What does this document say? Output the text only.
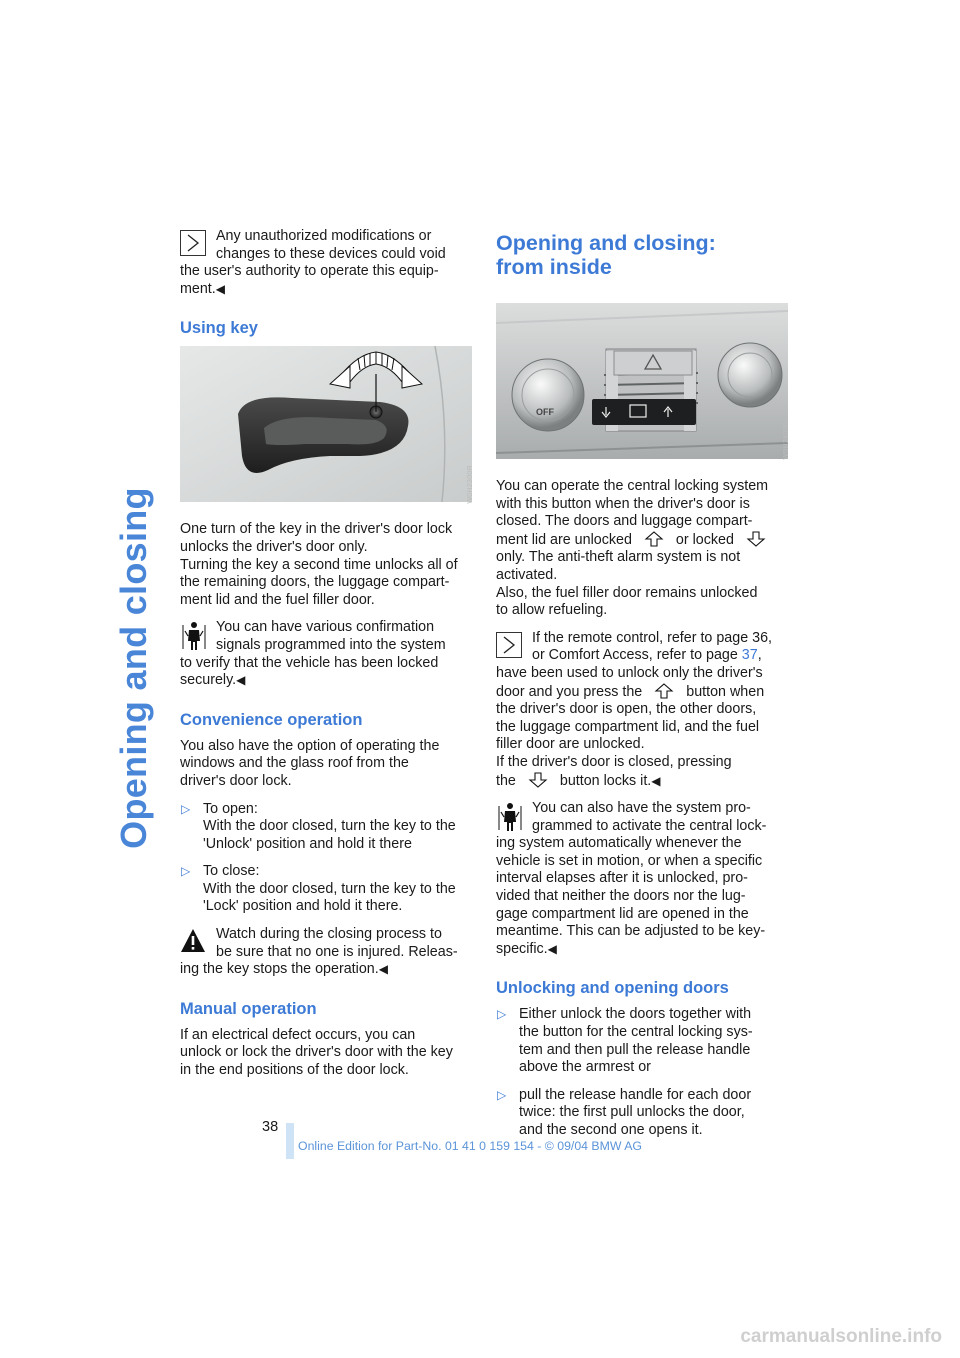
Opening and closing
Any unauthorized modifications or
changes to these devices could void
the user's authority to operate this equip-
ment.◀
Using key
W0H2300R

One turn of the key in the driver's door lock
unlocks the driver's door only.
Turning the key a second time unlocks all of
the remaining doors, the luggage compart-
ment lid and the fuel filler door.

You can have various confirmation
signals programmed into the system
to verify that the vehicle has been locked
securely.◀
Convenience operation

You also have the option of operating the
windows and the glass roof from the
driver's door lock.

▷ To open:
With the door closed, turn the key to the
'Unlock' position and hold it there
▷ To close:
With the door closed, turn the key to the
'Lock' position and hold it there.
Watch during the closing process to
be sure that no one is injured. Releas-
ing the key stops the operation.◀
Manual operation

If an electrical defect occurs, you can
unlock or lock the driver's door with the key
in the end positions of the door lock.

Opening and closing:
from inside
OFF
W0H2400R

You can operate the central locking system
with this button when the driver's door is
closed. The doors and luggage compart-
ment lid are unlocked	or locked
only. The anti-theft alarm system is not
activated.
Also, the fuel filler door remains unlocked
to allow refueling.

If the remote control, refer to page 36,
or Comfort Access, refer to page 37,
have been used to unlock only the driver's
door and you press the	button when
the driver's door is open, the other doors,
the luggage compartment lid, and the fuel
filler door are unlocked.
If the driver's door is closed, pressing
the	button locks it.◀
You can also have the system pro-
grammed to activate the central lock-
ing system automatically whenever the
vehicle is set in motion, or when a specific
interval elapses after it is unlocked, pro-
vided that neither the doors nor the lug-
gage compartment lid are opened in the
meantime. This can be adjusted to be key-
specific.◀
Unlocking and opening doors
▷ Either unlock the doors together with
the button for the central locking sys-
tem and then pull the release handle
above the armrest or
▷ pull the release handle for each door
twice: the first pull unlocks the door,
and the second one opens it.
38
Online Edition for Part-No. 01 41 0 159 154 - © 09/04 BMW AG
carmanualsonline.info
